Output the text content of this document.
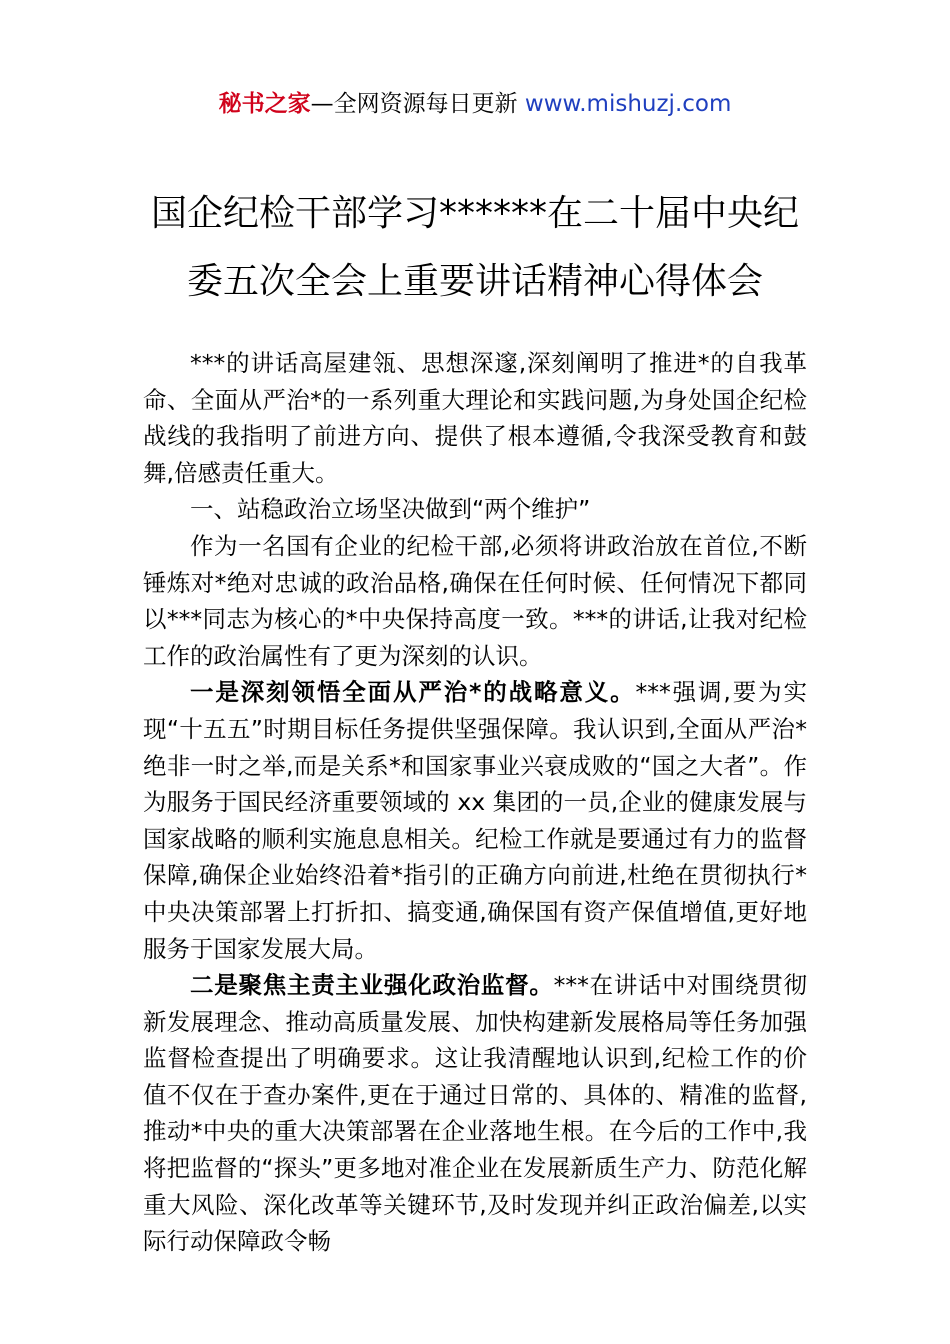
秘书之家—全网资源每日更新 www.mishuzj.com
国企纪检干部学习******在二十届中央纪
委五次全会上重要讲话精神心得体会

***的讲话高屋建瓴、思想深邃,深刻阐明了推进*的自我革命、全面从严治*的一系列重大理论和实践问题,为身处国企纪检战线的我指明了前进方向、提供了根本遵循,令我深受教育和鼓舞,倍感责任重大。

一、站稳政治立场坚决做到“两个维护”

作为一名国有企业的纪检干部,必须将讲政治放在首位,不断锤炼对*绝对忠诚的政治品格,确保在任何时候、任何情况下都同以***同志为核心的*中央保持高度一致。***的讲话,让我对纪检工作的政治属性有了更为深刻的认识。

一是深刻领悟全面从严治*的战略意义。***强调,要为实现“十五五”时期目标任务提供坚强保障。我认识到,全面从严治*绝非一时之举,而是关系*和国家事业兴衰成败的“国之大者”。作为服务于国民经济重要领域的 xx 集团的一员,企业的健康发展与国家战略的顺利实施息息相关。纪检工作就是要通过有力的监督保障,确保企业始终沿着*指引的正确方向前进,杜绝在贯彻执行*中央决策部署上打折扣、搞变通,确保国有资产保值增值,更好地服务于国家发展大局。

二是聚焦主责主业强化政治监督。***在讲话中对围绕贯彻新发展理念、推动高质量发展、加快构建新发展格局等任务加强监督检查提出了明确要求。这让我清醒地认识到,纪检工作的价值不仅在于查办案件,更在于通过日常的、具体的、精准的监督,推动*中央的重大决策部署在企业落地生根。在今后的工作中,我将把监督的“探头”更多地对准企业在发展新质生产力、防范化解重大风险、深化改革等关键环节,及时发现并纠正政治偏差,以实际行动保障政令畅
